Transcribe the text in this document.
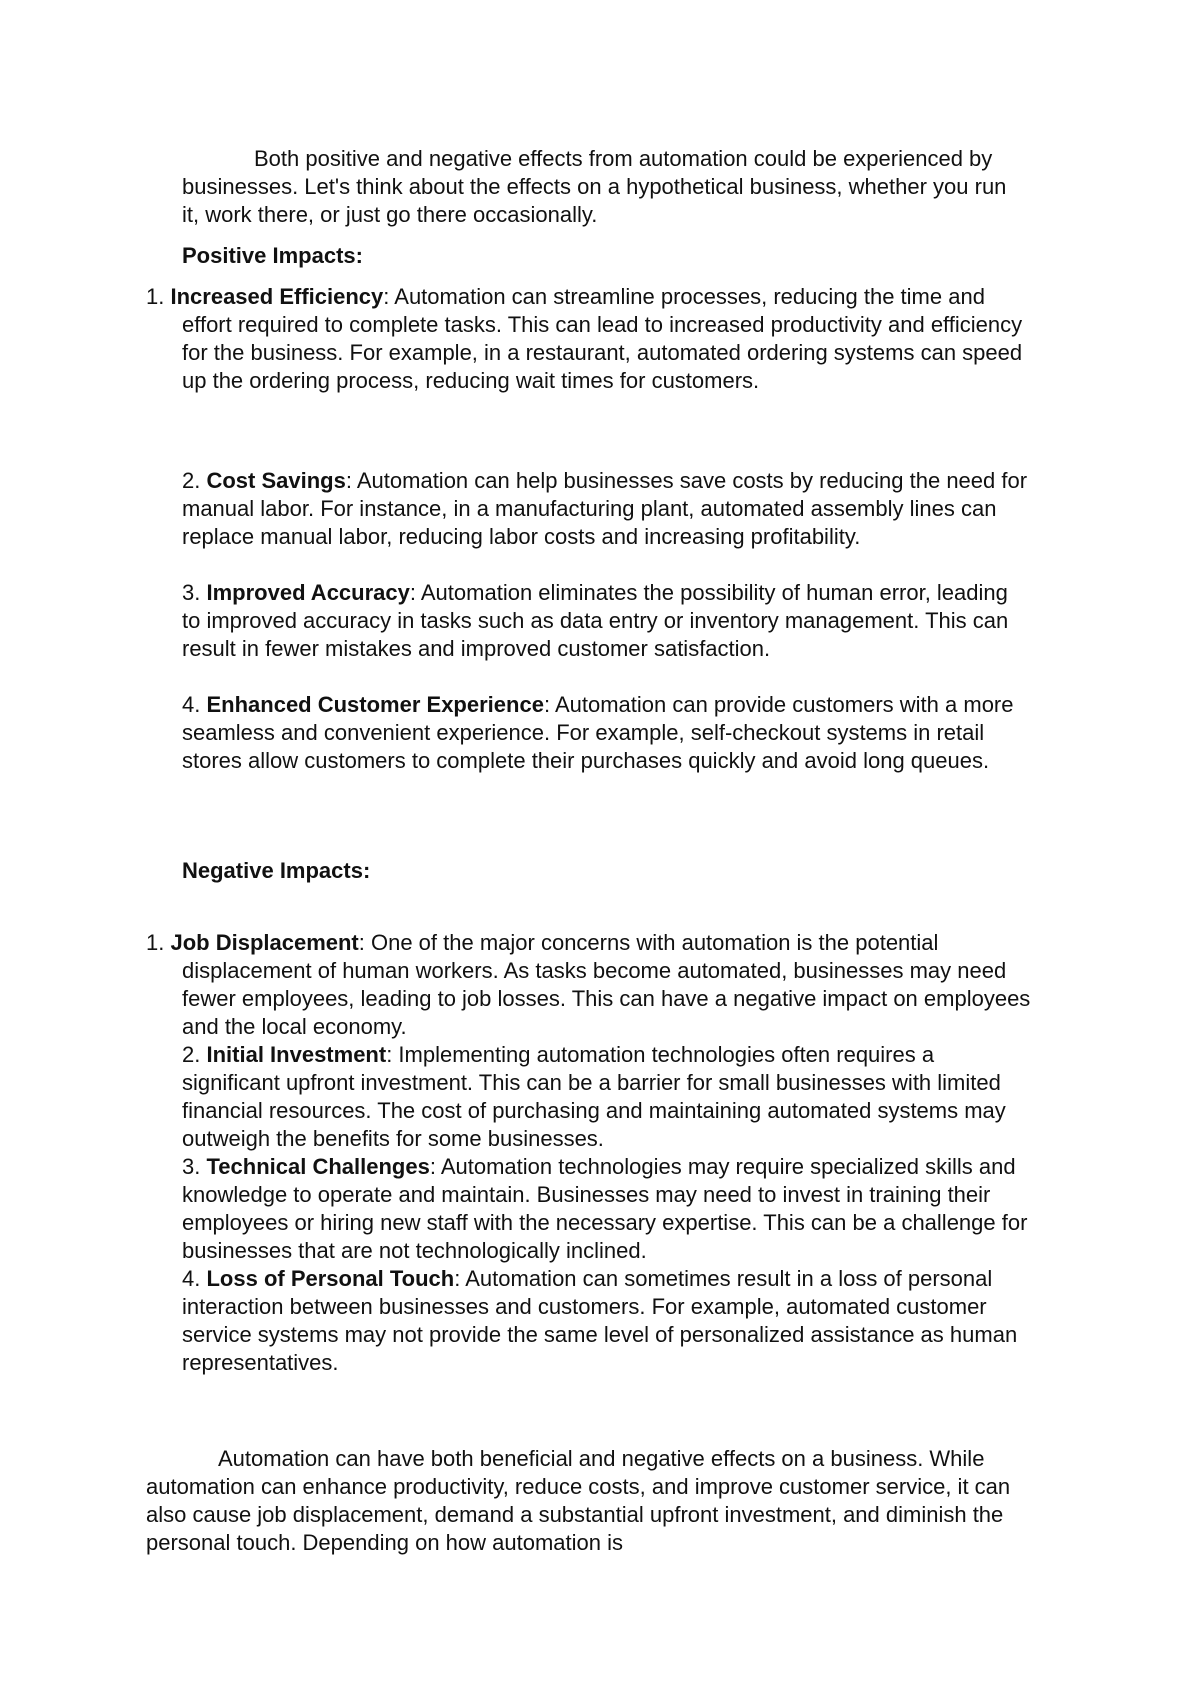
Both positive and negative effects from automation could be experienced by businesses. Let's think about the effects on a hypothetical business, whether you run it, work there, or just go there occasionally.

Positive Impacts:

1. Increased Efficiency: Automation can streamline processes, reducing the time and effort required to complete tasks. This can lead to increased productivity and efficiency for the business. For example, in a restaurant, automated ordering systems can speed up the ordering process, reducing wait times for customers.

2. Cost Savings: Automation can help businesses save costs by reducing the need for manual labor. For instance, in a manufacturing plant, automated assembly lines can replace manual labor, reducing labor costs and increasing profitability.

3. Improved Accuracy: Automation eliminates the possibility of human error, leading to improved accuracy in tasks such as data entry or inventory management. This can result in fewer mistakes and improved customer satisfaction.

4. Enhanced Customer Experience: Automation can provide customers with a more seamless and convenient experience. For example, self-checkout systems in retail stores allow customers to complete their purchases quickly and avoid long queues.

Negative Impacts:

1. Job Displacement: One of the major concerns with automation is the potential displacement of human workers. As tasks become automated, businesses may need fewer employees, leading to job losses. This can have a negative impact on employees and the local economy.

2. Initial Investment: Implementing automation technologies often requires a significant upfront investment. This can be a barrier for small businesses with limited financial resources. The cost of purchasing and maintaining automated systems may outweigh the benefits for some businesses.

3. Technical Challenges: Automation technologies may require specialized skills and knowledge to operate and maintain. Businesses may need to invest in training their employees or hiring new staff with the necessary expertise. This can be a challenge for businesses that are not technologically inclined.

4. Loss of Personal Touch: Automation can sometimes result in a loss of personal interaction between businesses and customers. For example, automated customer service systems may not provide the same level of personalized assistance as human representatives.

Automation can have both beneficial and negative effects on a business. While automation can enhance productivity, reduce costs, and improve customer service, it can also cause job displacement, demand a substantial upfront investment, and diminish the personal touch. Depending on how automation is
